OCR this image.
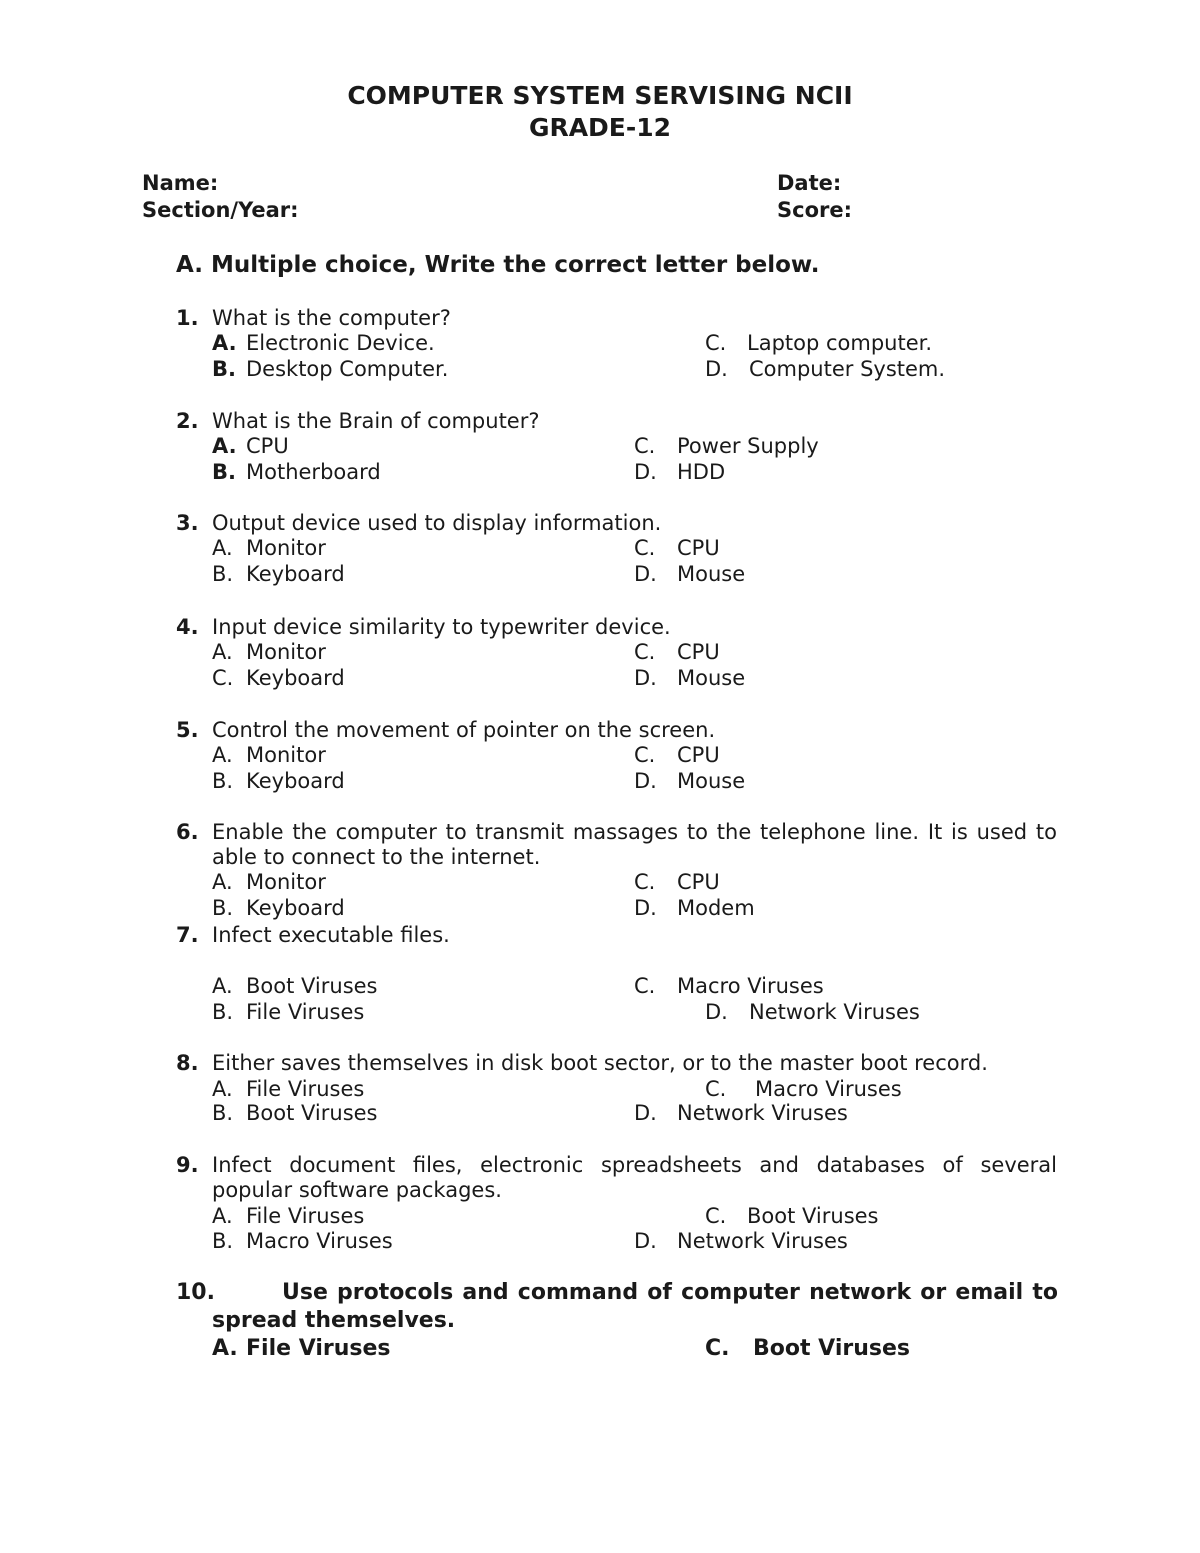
COMPUTER SYSTEM SERVISING NCII
GRADE-12
Name:	Date:
Section/Year:	Score:
A. Multiple choice, Write the correct letter below.
1. What is the computer?
A. Electronic Device.
B. Desktop Computer.
C. Laptop computer.
D. Computer System.
2. What is the Brain of computer?
A. CPU
B. Motherboard
C. Power Supply
D. HDD
3. Output device used to display information.
A. Monitor
B. Keyboard
C. CPU
D. Mouse
4. Input device similarity to typewriter device.
A. Monitor
C. Keyboard
C. CPU
D. Mouse
5. Control the movement of pointer on the screen.
A. Monitor
B. Keyboard
C. CPU
D. Mouse
6. Enable the computer to transmit massages to the telephone line. It is used to
able to connect to the internet.
A. Monitor
B. Keyboard
C. CPU
D. Modem
7. Infect executable files.
A. Boot Viruses
B. File Viruses
C. Macro Viruses
D. Network Viruses
8. Either saves themselves in disk boot sector, or to the master boot record.
A. File Viruses
B. Boot Viruses
C. Macro Viruses
D. Network Viruses
9. Infect document files, electronic spreadsheets and databases of several
popular software packages.
A. File Viruses
B. Macro Viruses
C. Boot Viruses
D. Network Viruses
10.	Use protocols and command of computer network or email to
spread themselves.
A. File Viruses	C. Boot Viruses
